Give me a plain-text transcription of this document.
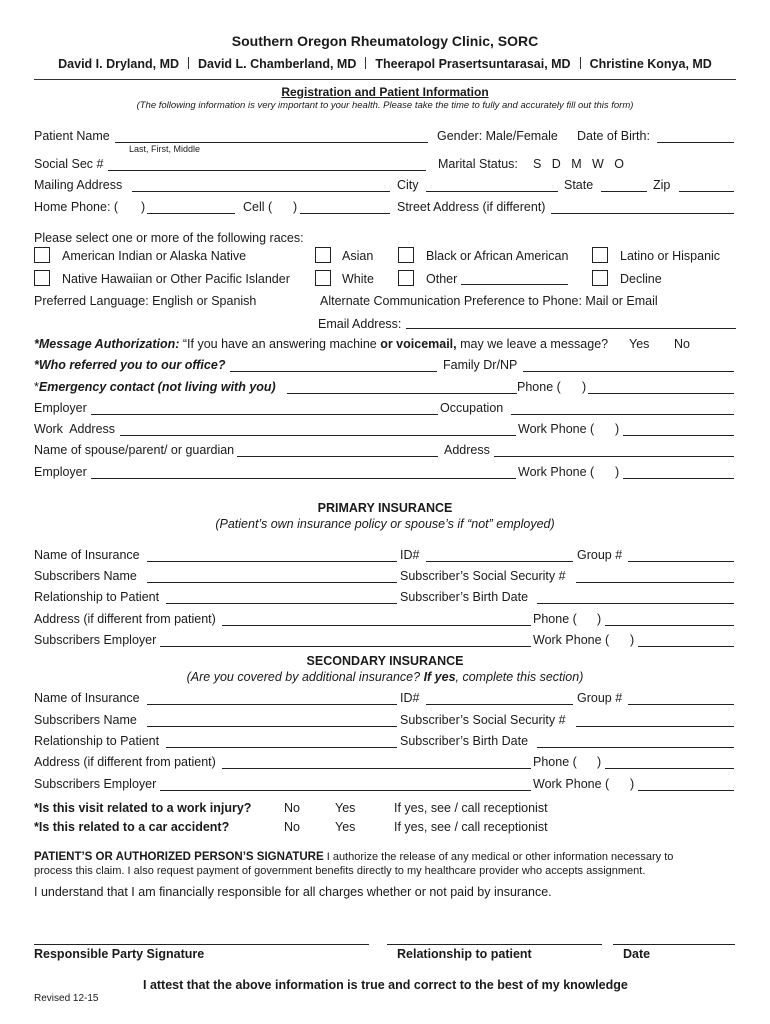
Southern Oregon Rheumatology Clinic, SORC
David I. Dryland, MD David L. Chamberland, MD Theerapol Prasertsuntarasai, MD Christine Konya, MD
Registration and Patient Information
(The following information is very important to your health. Please take the time to fully and accurately fill out this form)
Patient Name
Last, First, Middle
Gender: Male/Female Date of Birth:
Social Sec #	Marital Status: S   D   M   W   O
Mailing Address	City	State	Zip
Home Phone: ( )	Cell ( )	Street Address (if different)
Please select one or more of the following races:
American Indian or Alaska Native	Asian	Black or African American	Latino or Hispanic
Native Hawaiian or Other Pacific Islander	White	Other	Decline
Preferred Language: English or Spanish	Alternate Communication Preference to Phone: Mail or Email
Email Address:
*Message Authorization: “If you have an answering machine or voicemail, may we leave a message? Yes No
*Who referred you to our office?	Family Dr/NP
*Emergency contact (not living with you)	Phone ( )
Employer	Occupation
Work  Address	Work Phone ( )
Name of spouse/parent/ or guardian	Address
Employer	Work Phone ( )
PRIMARY INSURANCE
(Patient’s own insurance policy or spouse’s if “not” employed)
Name of Insurance	ID#	Group #
Subscribers Name	Subscriber’s Social Security #
Relationship to Patient	Subscriber’s Birth Date
Address (if different from patient)	Phone ( )
Subscribers Employer	Work Phone ( )
SECONDARY INSURANCE
(Are you covered by additional insurance? If yes, complete this section)
Name of Insurance	ID#	Group #
Subscribers Name	Subscriber’s Social Security #
Relationship to Patient	Subscriber’s Birth Date
Address (if different from patient)	Phone ( )
Subscribers Employer	Work Phone ( )
*Is this visit related to a work injury?	No	Yes	If yes, see / call receptionist
*Is this related to a car accident?	No	Yes	If yes, see / call receptionist
PATIENT’S OR AUTHORIZED PERSON’S SIGNATURE I authorize the release of any medical or other information necessary to
process this claim. I also request payment of government benefits directly to my healthcare provider who accepts assignment.
I understand that I am financially responsible for all charges whether or not paid by insurance.
Responsible Party Signature	Relationship to patient	Date
I attest that the above information is true and correct to the best of my knowledge
Revised 12-15
